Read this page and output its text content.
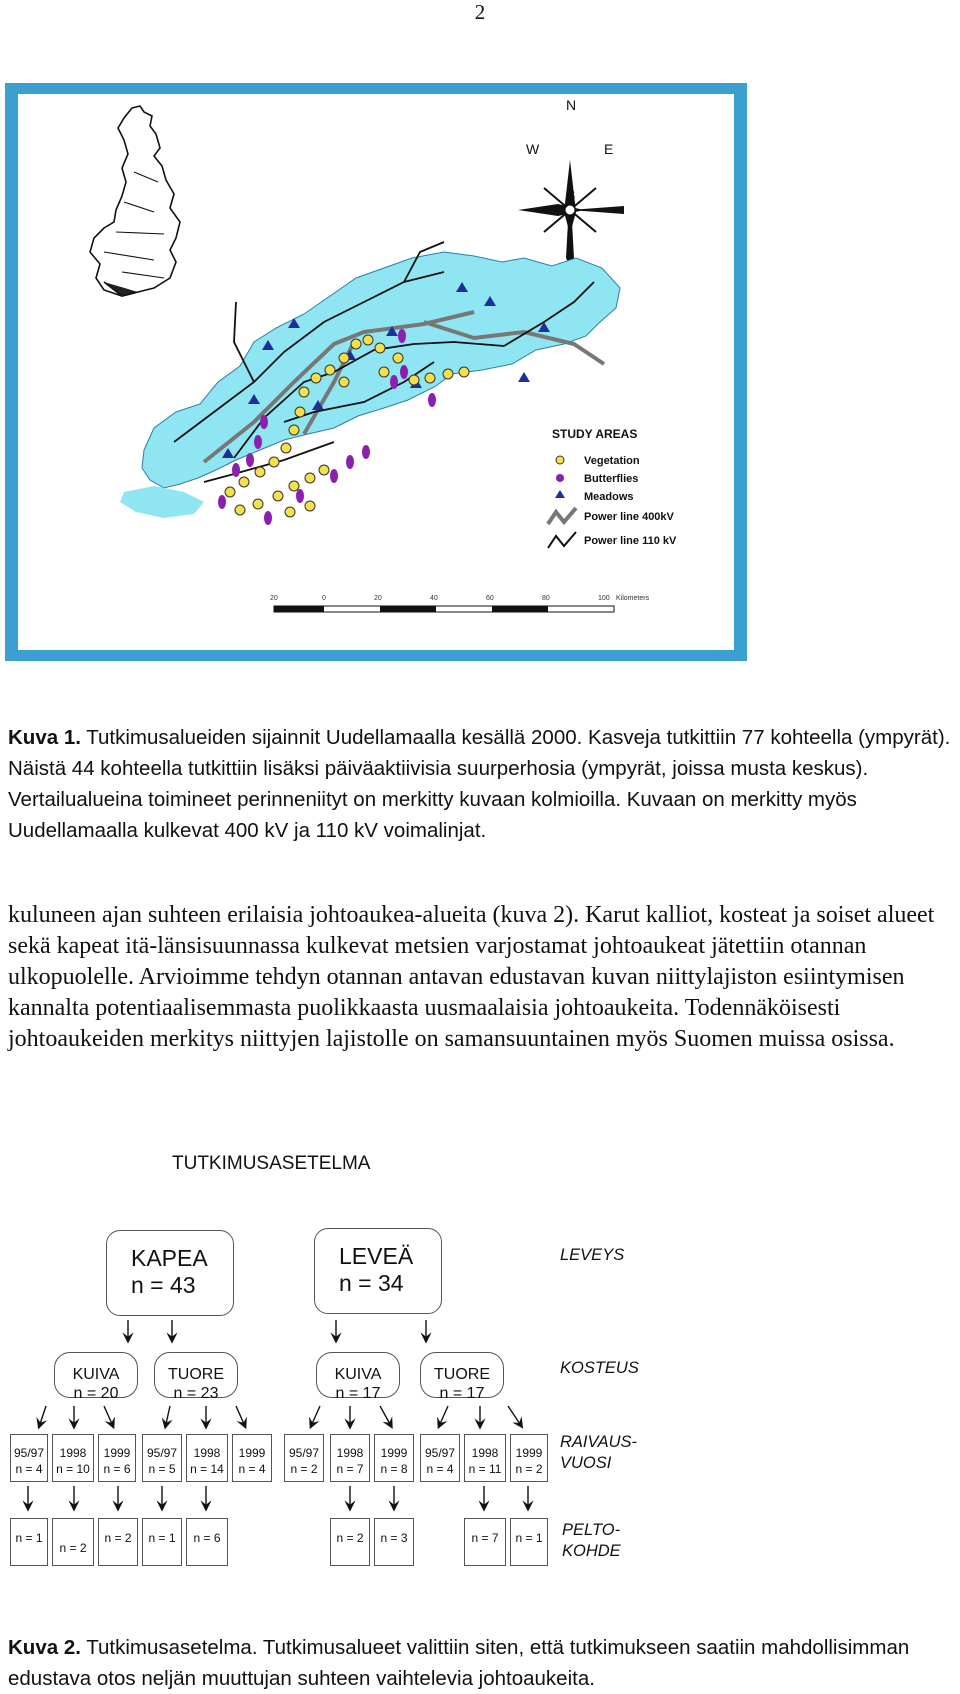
2
N
W	E
S
STUDY AREAS
Vegetation
Butterflies
Meadows
Power line 400kV
Power line 110 kV
20	0	20	40	60	80	100 Kilometers
Kuva 1. Tutkimusalueiden sijainnit Uudellamaalla kesällä 2000. Kasveja tutkittiin 77 kohteella (ympyrät). Näistä 44 kohteella tutkittiin lisäksi päiväaktiivisia suurperhosia (ympyrät, joissa musta keskus). Vertailualueina toimineet perinneniityt on merkitty kuvaan kolmioilla. Kuvaan on merkitty myös Uudellamaalla kulkevat 400 kV ja 110 kV voimalinjat.
kuluneen ajan suhteen erilaisia johtoaukea-alueita (kuva 2). Karut kalliot, kosteat ja soiset alueet sekä kapeat itä-länsisuunnassa kulkevat metsien varjostamat johtoaukeat jätettiin otannan ulkopuolelle. Arvioimme tehdyn otannan antavan edustavan kuvan niittylajiston esiintymisen kannalta potentiaalisemmasta puolikkaasta uusmaalaisia johtoaukeita. Todennäköisesti johtoaukeiden merkitys niittyjen lajistolle on samansuuntainen myös Suomen muissa osissa.
TUTKIMUSASETELMA
KAPEA
n = 43
LEVEÄ
n = 34
LEVEYS
KOSTEUS
RAIVAUS-
VUOSI
PELTO-
KOHDE
KUIVA
n = 20
TUORE
n = 23
KUIVA
n = 17
TUORE
n = 17
95/97
n = 4
1998
n = 10
1999
n = 6
95/97
n = 5
1998
n = 14
1999
n = 4
95/97
n = 2
1998
n = 7
1999
n = 8
95/97
n = 4
1998
n = 11
1999
n = 2
n = 1
n = 2
n = 2	n = 1	n = 6	n = 2	n = 3	n = 7	n = 1
Kuva 2. Tutkimusasetelma. Tutkimusalueet valittiin siten, että tutkimukseen saatiin mahdollisimman edustava otos neljän muuttujan suhteen vaihtelevia johtoaukeita.
